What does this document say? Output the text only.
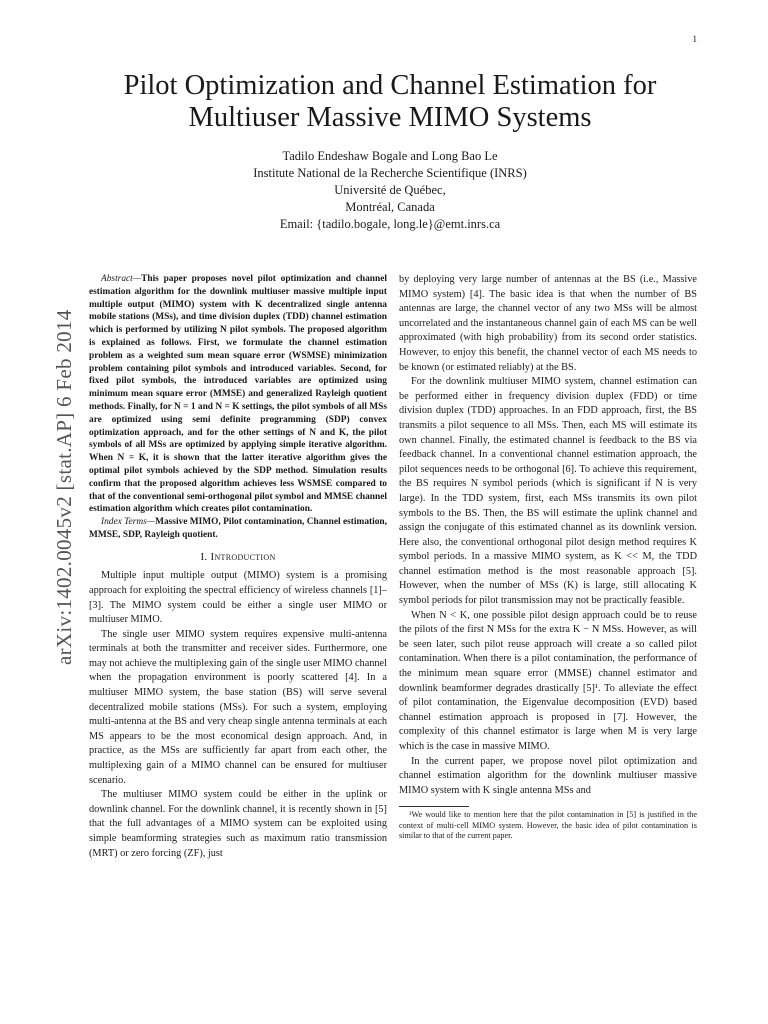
1
arXiv:1402.0045v2 [stat.AP] 6 Feb 2014
Pilot Optimization and Channel Estimation for Multiuser Massive MIMO Systems
Tadilo Endeshaw Bogale and Long Bao Le
Institute National de la Recherche Scientifique (INRS)
Université de Québec,
Montréal, Canada
Email: {tadilo.bogale, long.le}@emt.inrs.ca

Abstract—This paper proposes novel pilot optimization and channel estimation algorithm for the downlink multiuser massive multiple input multiple output (MIMO) system with K decentralized single antenna mobile stations (MSs), and time division duplex (TDD) channel estimation which is performed by utilizing N pilot symbols. The proposed algorithm is explained as follows. First, we formulate the channel estimation problem as a weighted sum mean square error (WSMSE) minimization problem containing pilot symbols and introduced variables. Second, for fixed pilot symbols, the introduced variables are optimized using minimum mean square error (MMSE) and generalized Rayleigh quotient methods. Finally, for N = 1 and N = K settings, the pilot symbols of all MSs are optimized using semi definite programming (SDP) convex optimization approach, and for the other settings of N and K, the pilot symbols of all MSs are optimized by applying simple iterative algorithm. When N = K, it is shown that the latter iterative algorithm gives the optimal pilot symbols achieved by the SDP method. Simulation results confirm that the proposed algorithm achieves less WSMSE compared to that of the conventional semi-orthogonal pilot symbol and MMSE channel estimation algorithm which creates pilot contamination.

Index Terms—Massive MIMO, Pilot contamination, Channel estimation, MMSE, SDP, Rayleigh quotient.

I. Introduction

Multiple input multiple output (MIMO) system is a promising approach for exploiting the spectral efficiency of wireless channels [1]–[3]. The MIMO system could be either a single user MIMO or multiuser MIMO.

The single user MIMO system requires expensive multi-antenna terminals at both the transmitter and receiver sides. Furthermore, one may not achieve the multiplexing gain of the single user MIMO channel when the propagation environment is poorly scattered [4]. In a multiuser MIMO system, the base station (BS) will serve several decentralized mobile stations (MSs). For such a system, employing multi-antenna at the BS and very cheap single antenna terminals at each MS appears to be the most economical design approach. And, in practice, as the MSs are sufficiently far apart from each other, the multiplexing gain of a MIMO channel can be ensured for multiuser scenario.

The multiuser MIMO system could be either in the uplink or downlink channel. For the downlink channel, it is recently shown in [5] that the full advantages of a MIMO system can be exploited using simple beamforming strategies such as maximum ratio transmission (MRT) or zero forcing (ZF), just

by deploying very large number of antennas at the BS (i.e., Massive MIMO system) [4]. The basic idea is that when the number of BS antennas are large, the channel vector of any two MSs will be almost uncorrelated and the instantaneous channel gain of each MS can be well approximated (with high probability) from its second order statistics. However, to enjoy this benefit, the channel vector of each MS needs to be known (or estimated reliably) at the BS.

For the downlink multiuser MIMO system, channel estimation can be performed either in frequency division duplex (FDD) or time division duplex (TDD) approaches. In an FDD approach, first, the BS transmits a pilot sequence to all MSs. Then, each MS will estimate its own channel. Finally, the estimated channel is feedback to the BS via feedback channel. In a conventional channel estimation approach, the pilot sequences needs to be orthogonal [6]. To achieve this requirement, the BS requires N symbol periods (which is significant if N is very large). In the TDD system, first, each MSs transmits its own pilot symbols to the BS. Then, the BS will estimate the uplink channel and assign the conjugate of this estimated channel as its downlink version. Here also, the conventional orthogonal pilot design method requires K symbol periods. In a massive MIMO system, as K << M, the TDD channel estimation method is the most reasonable approach [5]. However, when the number of MSs (K) is large, still allocating K symbol periods for pilot transmission may not be practically feasible.

When N < K, one possible pilot design approach could be to reuse the pilots of the first N MSs for the extra K − N MSs. However, as will be seen later, such pilot reuse approach will create a so called pilot contamination. When there is a pilot contamination, the performance of the minimum mean square error (MMSE) channel estimator and downlink beamformer degrades drastically [5]¹. To alleviate the effect of pilot contamination, the Eigenvalue decomposition (EVD) based channel estimation approach is proposed in [7]. However, the complexity of this channel estimator is large when M is very large which is the case in massive MIMO.

In the current paper, we propose novel pilot optimization and channel estimation algorithm for the downlink multiuser massive MIMO system with K single antenna MSs and

¹We would like to mention here that the pilot contamination in [5] is justified in the context of multi-cell MIMO system. However, the basic idea of pilot contamination is similar to that of the current paper.
